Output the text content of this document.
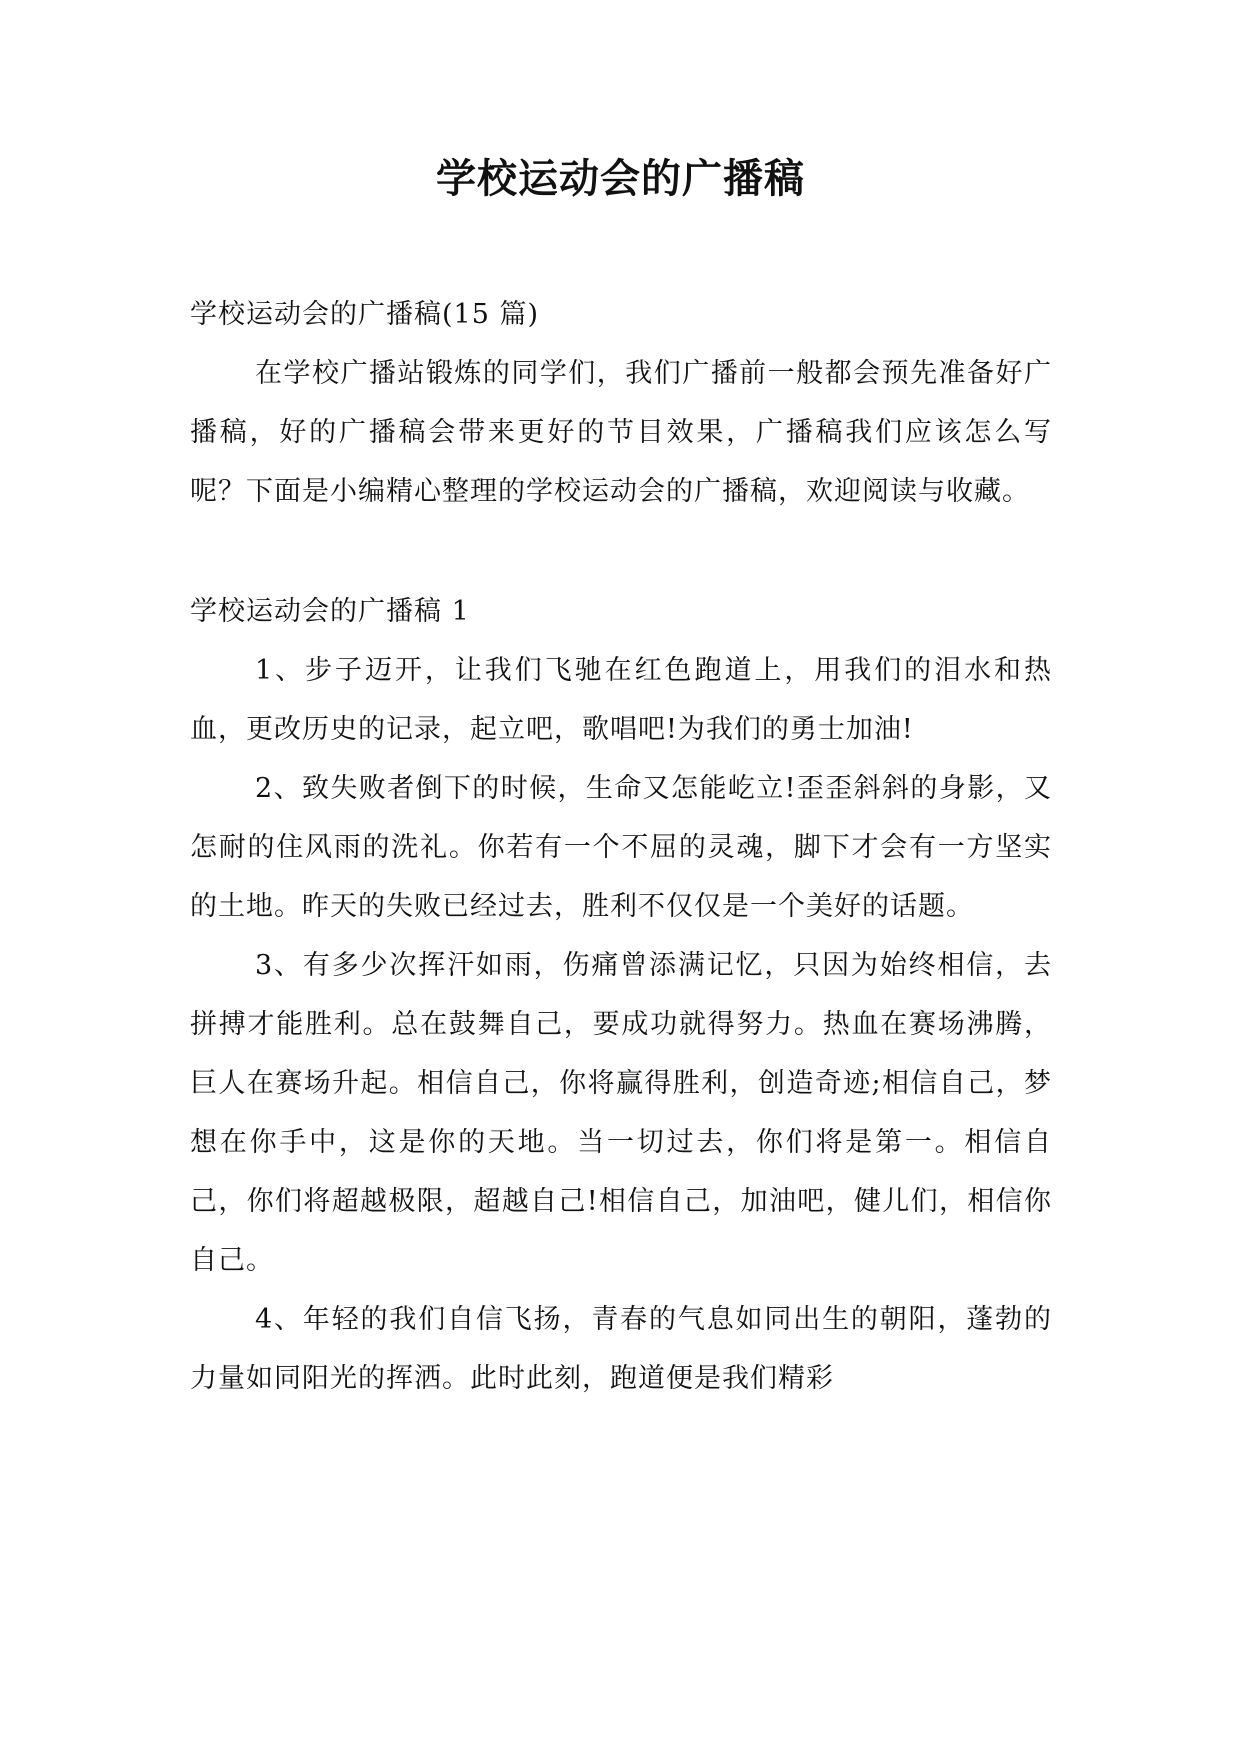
学校运动会的广播稿

学校运动会的广播稿(15 篇)

在学校广播站锻炼的同学们，我们广播前一般都会预先准备好广播稿，好的广播稿会带来更好的节目效果，广播稿我们应该怎么写呢？下面是小编精心整理的学校运动会的广播稿，欢迎阅读与收藏。

学校运动会的广播稿 1

1、步子迈开，让我们飞驰在红色跑道上，用我们的泪水和热血，更改历史的记录，起立吧，歌唱吧!为我们的勇士加油!

2、致失败者倒下的时候，生命又怎能屹立!歪歪斜斜的身影，又怎耐的住风雨的洗礼。你若有一个不屈的灵魂，脚下才会有一方坚实的土地。昨天的失败已经过去，胜利不仅仅是一个美好的话题。

3、有多少次挥汗如雨，伤痛曾添满记忆，只因为始终相信，去拼搏才能胜利。总在鼓舞自己，要成功就得努力。热血在赛场沸腾，巨人在赛场升起。相信自己，你将赢得胜利，创造奇迹;相信自己，梦想在你手中，这是你的天地。当一切过去，你们将是第一。相信自己，你们将超越极限，超越自己!相信自己，加油吧，健儿们，相信你自己。

4、年轻的我们自信飞扬，青春的气息如同出生的朝阳，蓬勃的力量如同阳光的挥洒。此时此刻，跑道便是我们精彩
